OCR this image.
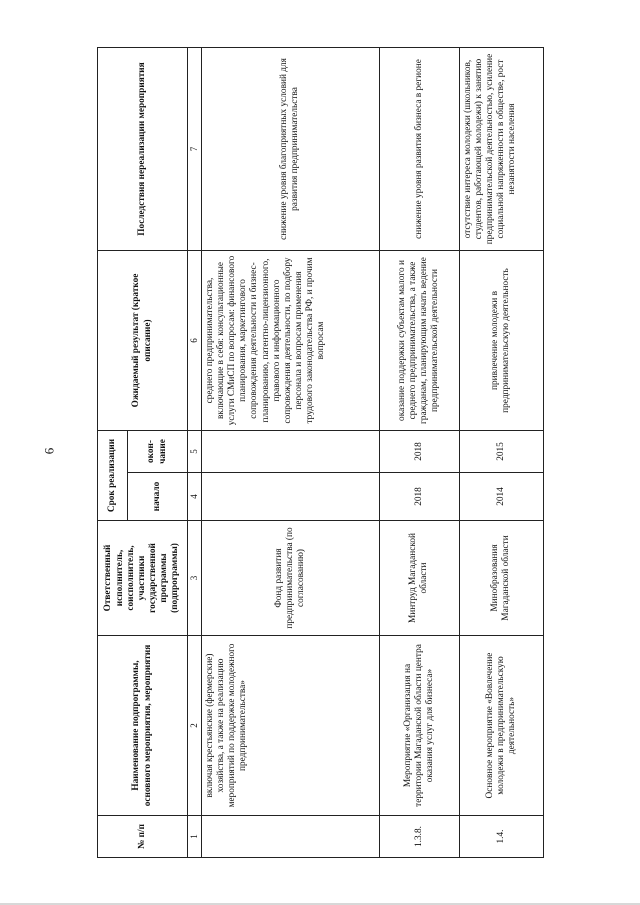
6
№ п/п	Наименование подпрограммы, основного мероприятия, мероприятия	Ответственный исполнитель, соисполнитель, участники государственной программы (подпрограммы)	Срок реализации		Ожидаемый результат (краткое описание)	Последствия нереализации мероприятия
			начало	окон-чание		
1	2	3	4	5	6	7
	включая крестьянские (фермерские) хозяйства, а также на реализацию мероприятий по поддержке молодежного предпринимательства»	Фонд развития предпринимательства (по согласованию)			среднего предпринимательства, включающие в себя: консультационные услуги СМиСП по вопросам: финансового планирования, маркетингового сопровождения деятельности и бизнес-планированию, патентно-лицензионного, правового и информационного сопровождения деятельности, по подбору персонала и вопросам применения трудового законодательства РФ, и прочим вопросам	снижение уровня благоприятных условий для развития предпринимательства
1.3.8.	Мероприятие «Организация на территории Магаданской области центра оказания услуг для бизнеса»	Минтруд Магаданской области	2018	2018	оказание поддержки субъектам малого и среднего предпринимательства, а также гражданам, планирующим начать ведение предпринимательской деятельности	снижение уровня развития бизнеса в регионе
1.4.	Основное мероприятие «Вовлечение молодежи в предпринимательскую деятельность»	Минобразования Магаданской области	2014	2015	привлечение молодежи в предпринимательскую деятельность	отсутствие интереса молодежи (школьников, студентов, работающей молодежи) к занятию предпринимательской деятельностью, усиление социальной напряженности в обществе, рост незанятости населения
